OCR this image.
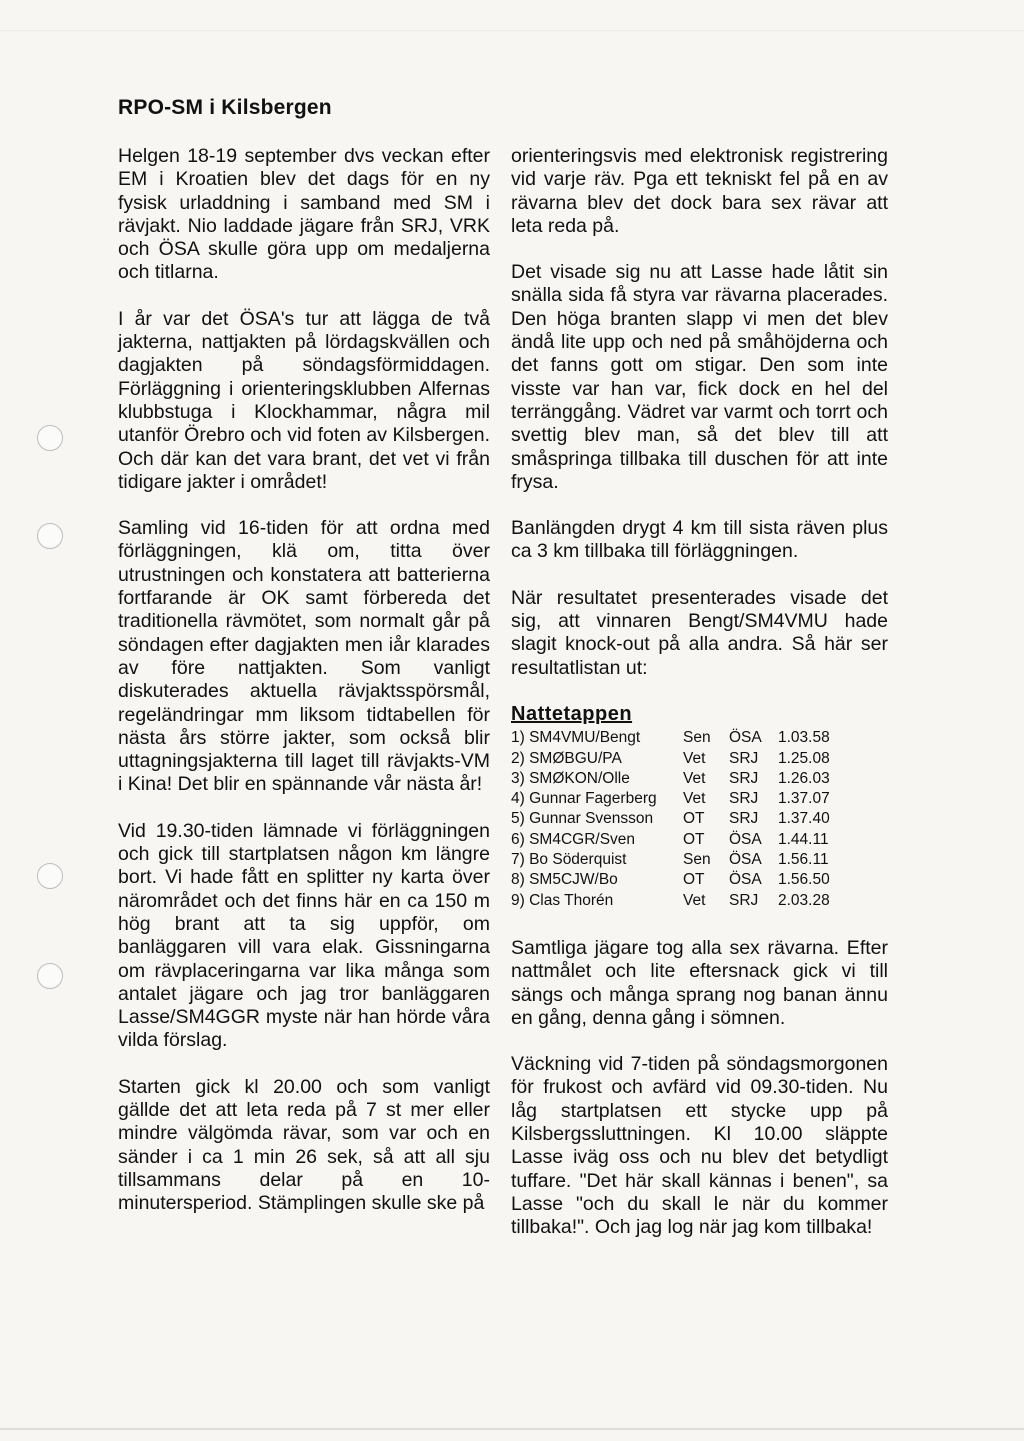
RPO-SM i Kilsbergen

Helgen 18-19 september dvs veckan efter EM i Kroatien blev det dags för en ny fysisk urladdning i samband med SM i rävjakt. Nio laddade jägare från SRJ, VRK och ÖSA skulle göra upp om medaljerna och titlarna.

I år var det ÖSA's tur att lägga de två jakterna, nattjakten på lördagskvällen och dagjakten på söndagsförmiddagen. Förläggning i orienteringsklubben Alfernas klubbstuga i Klockhammar, några mil utanför Örebro och vid foten av Kilsbergen. Och där kan det vara brant, det vet vi från tidigare jakter i området!

Samling vid 16-tiden för att ordna med förläggningen, klä om, titta över utrustningen och konstatera att batterierna fortfarande är OK samt förbereda det traditionella rävmötet, som normalt går på söndagen efter dagjakten men iår klarades av före nattjakten. Som vanligt diskuterades aktuella rävjaktsspörsmål, regeländringar mm liksom tidtabellen för nästa års större jakter, som också blir uttagningsjakterna till laget till rävjakts-VM i Kina! Det blir en spännande vår nästa år!

Vid 19.30-tiden lämnade vi förläggningen och gick till startplatsen någon km längre bort. Vi hade fått en splitter ny karta över närområdet och det finns här en ca 150 m hög brant att ta sig uppför, om banläggaren vill vara elak. Gissningarna om rävplaceringarna var lika många som antalet jägare och jag tror banläggaren Lasse/SM4GGR myste när han hörde våra vilda förslag.

Starten gick kl 20.00 och som vanligt gällde det att leta reda på 7 st mer eller mindre välgömda rävar, som var och en sänder i ca 1 min 26 sek, så att all sju tillsammans delar på en 10-minutersperiod. Stämplingen skulle ske på

orienteringsvis med elektronisk registrering vid varje räv. Pga ett tekniskt fel på en av rävarna blev det dock bara sex rävar att leta reda på.

Det visade sig nu att Lasse hade låtit sin snälla sida få styra var rävarna placerades. Den höga branten slapp vi men det blev ändå lite upp och ned på småhöjderna och det fanns gott om stigar. Den som inte visste var han var, fick dock en hel del terränggång. Vädret var varmt och torrt och svettig blev man, så det blev till att småspringa tillbaka till duschen för att inte frysa.

Banlängden drygt 4 km till sista räven plus ca 3 km tillbaka till förläggningen.

När resultatet presenterades visade det sig, att vinnaren Bengt/SM4VMU hade slagit knock-out på alla andra. Så här ser resultatlistan ut:

Nattetappen
1) SM4VMU/Bengt	Sen	ÖSA	1.03.58
2) SMØBGU/PA	Vet	SRJ	1.25.08
3) SMØKON/Olle	Vet	SRJ	1.26.03
4) Gunnar Fagerberg	Vet	SRJ	1.37.07
5) Gunnar Svensson	OT	SRJ	1.37.40
6) SM4CGR/Sven	OT	ÖSA	1.44.11
7) Bo Söderquist	Sen	ÖSA	1.56.11
8) SM5CJW/Bo	OT	ÖSA	1.56.50
9) Clas Thorén	Vet	SRJ	2.03.28

Samtliga jägare tog alla sex rävarna. Efter nattmålet och lite eftersnack gick vi till sängs och många sprang nog banan ännu en gång, denna gång i sömnen.

Väckning vid 7-tiden på söndagsmorgonen för frukost och avfärd vid 09.30-tiden. Nu låg startplatsen ett stycke upp på Kilsbergssluttningen. Kl 10.00 släppte Lasse iväg oss och nu blev det betydligt tuffare. "Det här skall kännas i benen", sa Lasse "och du skall le när du kommer tillbaka!". Och jag log när jag kom tillbaka!
